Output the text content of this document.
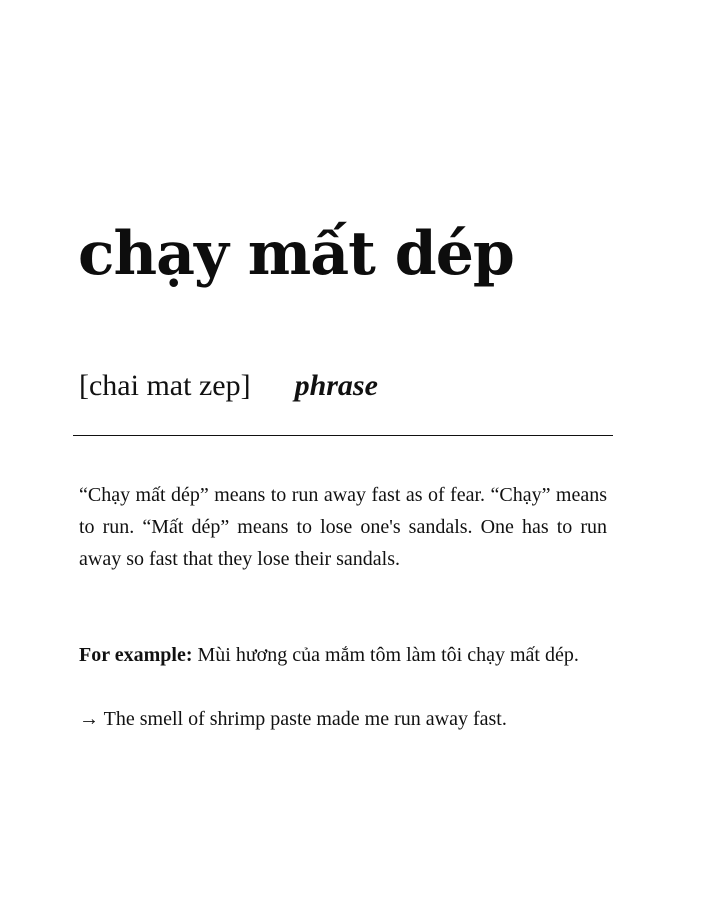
chạy mất dép
[chai mat zep] phrase

“Chạy mất dép” means to run away fast as of fear. “Chạy” means to run. “Mất dép” means to lose one's sandals. One has to run away so fast that they lose their sandals.

For example: Mùi hương của mắm tôm làm tôi chạy mất dép.

→ The smell of shrimp paste made me run away fast.
